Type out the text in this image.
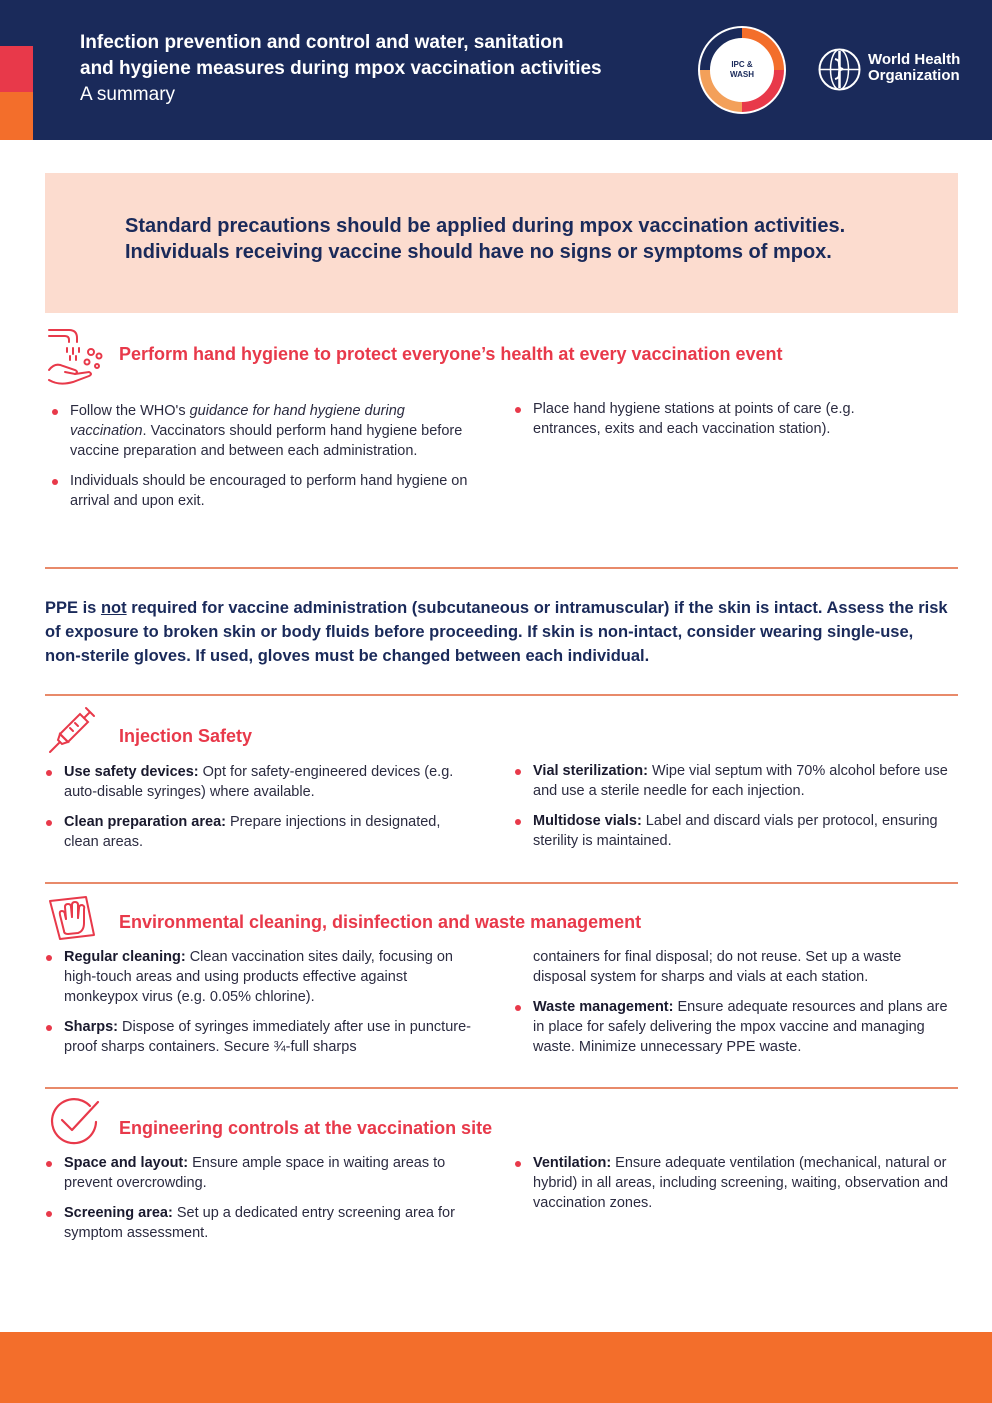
Infection prevention and control and water, sanitation
and hygiene measures during mpox vaccination activities
A summary
IPC &
WASH
World Health
Organization

Standard precautions should be applied during mpox vaccination activities.
Individuals receiving vaccine should have no signs or symptoms of mpox.

Perform hand hygiene to protect everyone’s health at every vaccination event
Follow the WHO's guidance for hand hygiene during vaccination. Vaccinators should perform hand hygiene before vaccine preparation and between each administration.
Individuals should be encouraged to perform hand hygiene on arrival and upon exit.
Place hand hygiene stations at points of care (e.g. entrances, exits and each vaccination station).

PPE is not required for vaccine administration (subcutaneous or intramuscular) if the skin is intact. Assess the risk of exposure to broken skin or body fluids before proceeding. If skin is non-intact, consider wearing single-use, non-sterile gloves. If used, gloves must be changed between each individual.

Injection Safety
Use safety devices: Opt for safety-engineered devices (e.g. auto-disable syringes) where available.
Clean preparation area: Prepare injections in designated, clean areas.
Vial sterilization: Wipe vial septum with 70% alcohol before use and use a sterile needle for each injection.
Multidose vials: Label and discard vials per protocol, ensuring sterility is maintained.
Environmental cleaning, disinfection and waste management
Regular cleaning: Clean vaccination sites daily, focusing on high-touch areas and using products effective against monkeypox virus (e.g. 0.05% chlorine).
Sharps: Dispose of syringes immediately after use in puncture-proof sharps containers. Secure ¾-full sharps
containers for final disposal; do not reuse. Set up a waste disposal system for sharps and vials at each station.
Waste management: Ensure adequate resources and plans are in place for safely delivering the mpox vaccine and managing waste. Minimize unnecessary PPE waste.
Engineering controls at the vaccination site
Space and layout: Ensure ample space in waiting areas to prevent overcrowding.
Screening area: Set up a dedicated entry screening area for symptom assessment.
Ventilation: Ensure adequate ventilation (mechanical, natural or hybrid) in all areas, including screening, waiting, observation and vaccination zones.
